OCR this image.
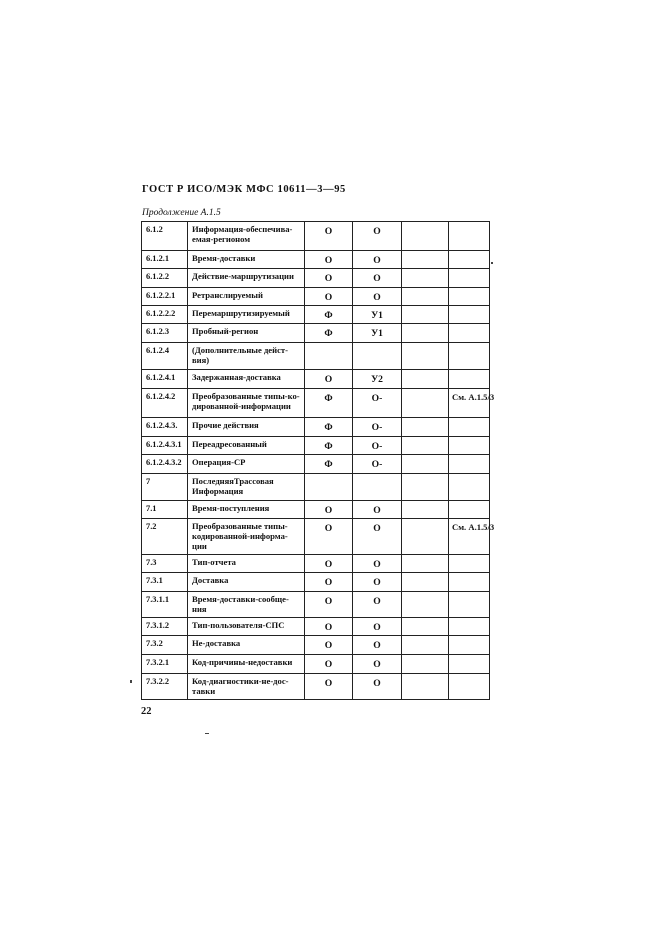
ГОСТ Р ИСО/МЭК МФС 10611—3—95
Продолжение А.1.5
6.1.2	Информация-обеспечива-емая-регионом	О	О		
6.1.2.1	Время-доставки	О	О		
6.1.2.2	Действие-маршрутизации	О	О		
6.1.2.2.1	Ретранслируемый	О	О		
6.1.2.2.2	Перемаршрутизируемый	Ф	У1		
6.1.2.3	Пробный-регион	Ф	У1		
6.1.2.4	(Дополнительные дейст-вия)				
6.1.2.4.1	Задержанная-доставка	О	У2		
6.1.2.4.2	Преобразованные типы-ко-дированной-информации	Ф	О-		См. А.1.5/3
6.1.2.4.3.	Прочие действия	Ф	О-		
6.1.2.4.3.1	Переадресованный	Ф	О-		
6.1.2.4.3.2	Операция-СР	Ф	О-		
7	ПоследняяТрассовая Информация				
7.1	Время-поступления	О	О		
7.2	Преобразованные типы-кодированной-информа-ции	О	О		См. А.1.5/3
7.3	Тип-отчета	О	О		
7.3.1	Доставка	О	О		
7.3.1.1	Время-доставки-сообще-ния	О	О		
7.3.1.2	Тип-пользователя-СПС	О	О		
7.3.2	Не-доставка	О	О		
7.3.2.1	Код-причины-недоставки	О	О		
7.3.2.2	Код-диагностики-не-дос-тавки	О	О		
22
